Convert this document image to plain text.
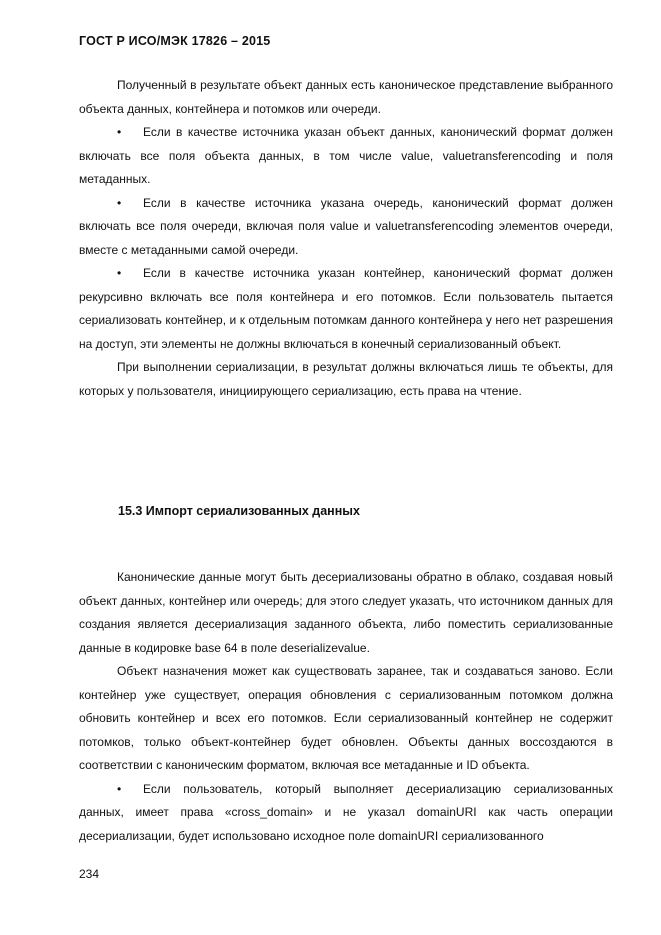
ГОСТ Р ИСО/МЭК 17826 – 2015

Полученный в результате объект данных есть каноническое представление выбранного объекта данных, контейнера и потомков или очереди.

• Если в качестве источника указан объект данных, канонический формат должен включать все поля объекта данных, в том числе value, valuetransferencoding и поля метаданных.

• Если в качестве источника указана очередь, канонический формат должен включать все поля очереди, включая поля value и valuetransferencoding элементов очереди, вместе с метаданными самой очереди.

• Если в качестве источника указан контейнер, канонический формат должен рекурсивно включать все поля контейнера и его потомков. Если пользователь пытается сериализовать контейнер, и к отдельным потомкам данного контейнера у него нет разрешения на доступ, эти элементы не должны включаться в конечный сериализованный объект.

При выполнении сериализации, в результат должны включаться лишь те объекты, для которых у пользователя, инициирующего сериализацию, есть права на чтение.

15.3 Импорт сериализованных данных

Канонические данные могут быть десериализованы обратно в облако, создавая новый объект данных, контейнер или очередь; для этого следует указать, что источником данных для создания является десериализация заданного объекта, либо поместить сериализованные данные в кодировке base 64 в поле deserializevalue.

Объект назначения может как существовать заранее, так и создаваться заново. Если контейнер уже существует, операция обновления с сериализованным потомком должна обновить контейнер и всех его потомков. Если сериализованный контейнер не содержит потомков, только объект-контейнер будет обновлен. Объекты данных воссоздаются в соответствии с каноническим форматом, включая все метаданные и ID объекта.

• Если пользователь, который выполняет десериализацию сериализованных данных, имеет права «cross_domain» и не указал domainURI как часть операции десериализации, будет использовано исходное поле domainURI сериализованного

234
